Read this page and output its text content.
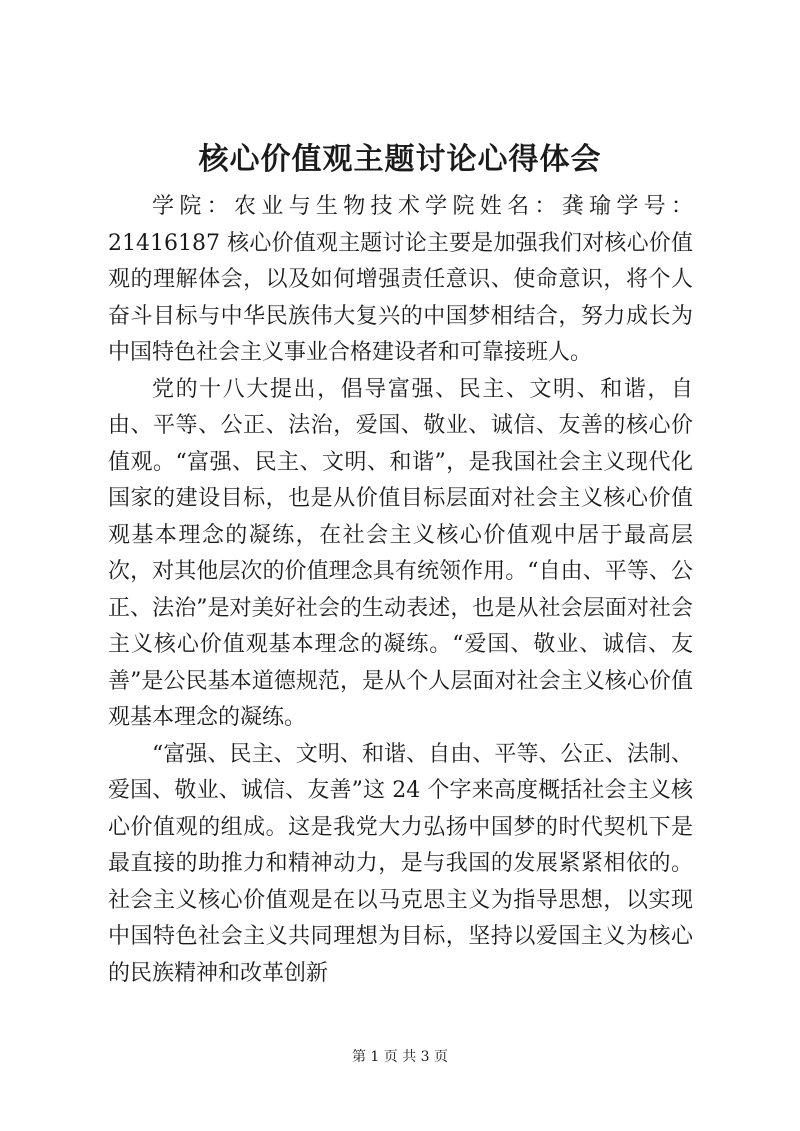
核心价值观主题讨论心得体会

学院：农业与生物技术学院姓名：龚瑜学号：21416187 核心价值观主题讨论主要是加强我们对核心价值观的理解体会，以及如何增强责任意识、使命意识，将个人奋斗目标与中华民族伟大复兴的中国梦相结合，努力成长为中国特色社会主义事业合格建设者和可靠接班人。

党的十八大提出，倡导富强、民主、文明、和谐，自由、平等、公正、法治，爱国、敬业、诚信、友善的核心价值观。“富强、民主、文明、和谐”，是我国社会主义现代化国家的建设目标，也是从价值目标层面对社会主义核心价值观基本理念的凝练，在社会主义核心价值观中居于最高层次，对其他层次的价值理念具有统领作用。“自由、平等、公正、法治”是对美好社会的生动表述，也是从社会层面对社会主义核心价值观基本理念的凝练。“爱国、敬业、诚信、友善”是公民基本道德规范，是从个人层面对社会主义核心价值观基本理念的凝练。

“富强、民主、文明、和谐、自由、平等、公正、法制、爱国、敬业、诚信、友善”这 24 个字来高度概括社会主义核心价值观的组成。这是我党大力弘扬中国梦的时代契机下是最直接的助推力和精神动力，是与我国的发展紧紧相依的。社会主义核心价值观是在以马克思主义为指导思想，以实现中国特色社会主义共同理想为目标，坚持以爱国主义为核心的民族精神和改革创新

第 1 页 共 3 页
